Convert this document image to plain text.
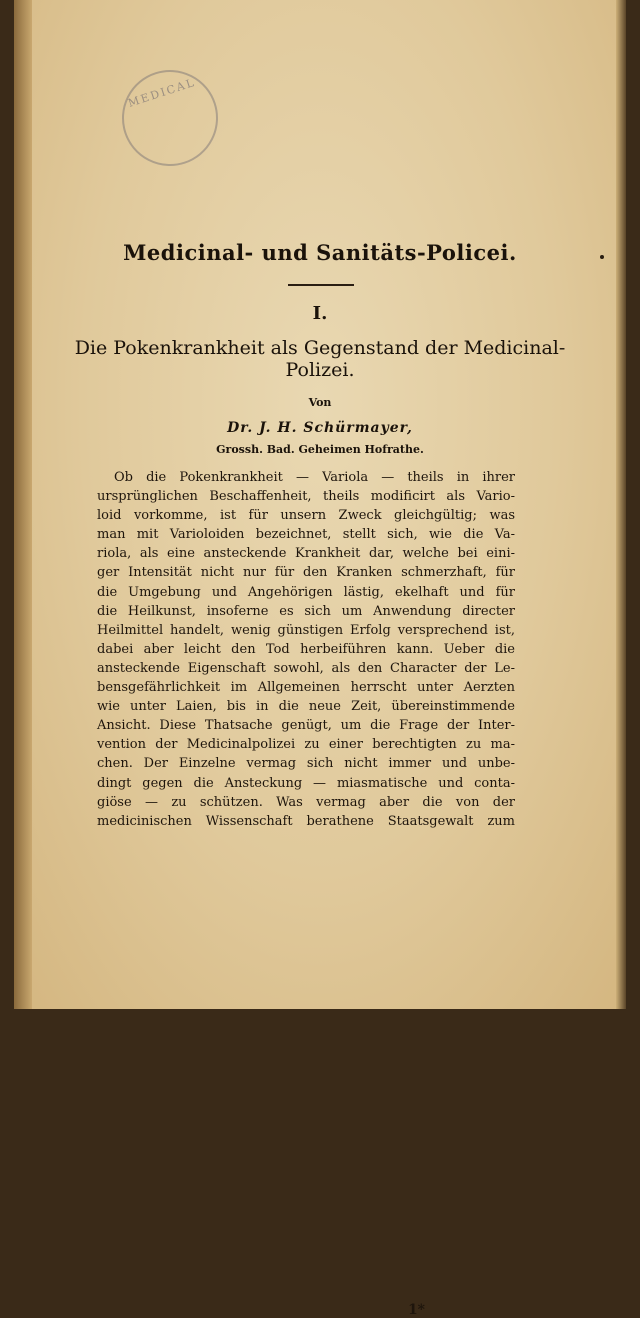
MEDICAL
Medicinal- und Sanitäts-Policei.
I.
Die Pokenkrankheit als Gegenstand der Medicinal-Polizei.
Von
Dr. J. H. Schürmayer,
Grossh. Bad. Geheimen Hofrathe.
Ob die Pokenkrankheit — Variola — theils in ihrer
ursprünglichen Beschaffenheit, theils modificirt als Vario-
loid vorkomme, ist für unsern Zweck gleichgültig; was
man mit Varioloiden bezeichnet, stellt sich, wie die Va-
riola, als eine ansteckende Krankheit dar, welche bei eini-
ger Intensität nicht nur für den Kranken schmerzhaft, für
die Umgebung und Angehörigen lästig, ekelhaft und für
die Heilkunst, insoferne es sich um Anwendung directer
Heilmittel handelt, wenig günstigen Erfolg versprechend ist,
dabei aber leicht den Tod herbeiführen kann. Ueber die
ansteckende Eigenschaft sowohl, als den Character der Le-
bensgefährlichkeit im Allgemeinen herrscht unter Aerzten
wie unter Laien, bis in die neue Zeit, übereinstimmende
Ansicht. Diese Thatsache genügt, um die Frage der Inter-
vention der Medicinalpolizei zu einer berechtigten zu ma-
chen. Der Einzelne vermag sich nicht immer und unbe-
dingt gegen die Ansteckung — miasmatische und conta-
giöse — zu schützen. Was vermag aber die von der
medicinischen Wissenschaft berathene Staatsgewalt zum
1*
